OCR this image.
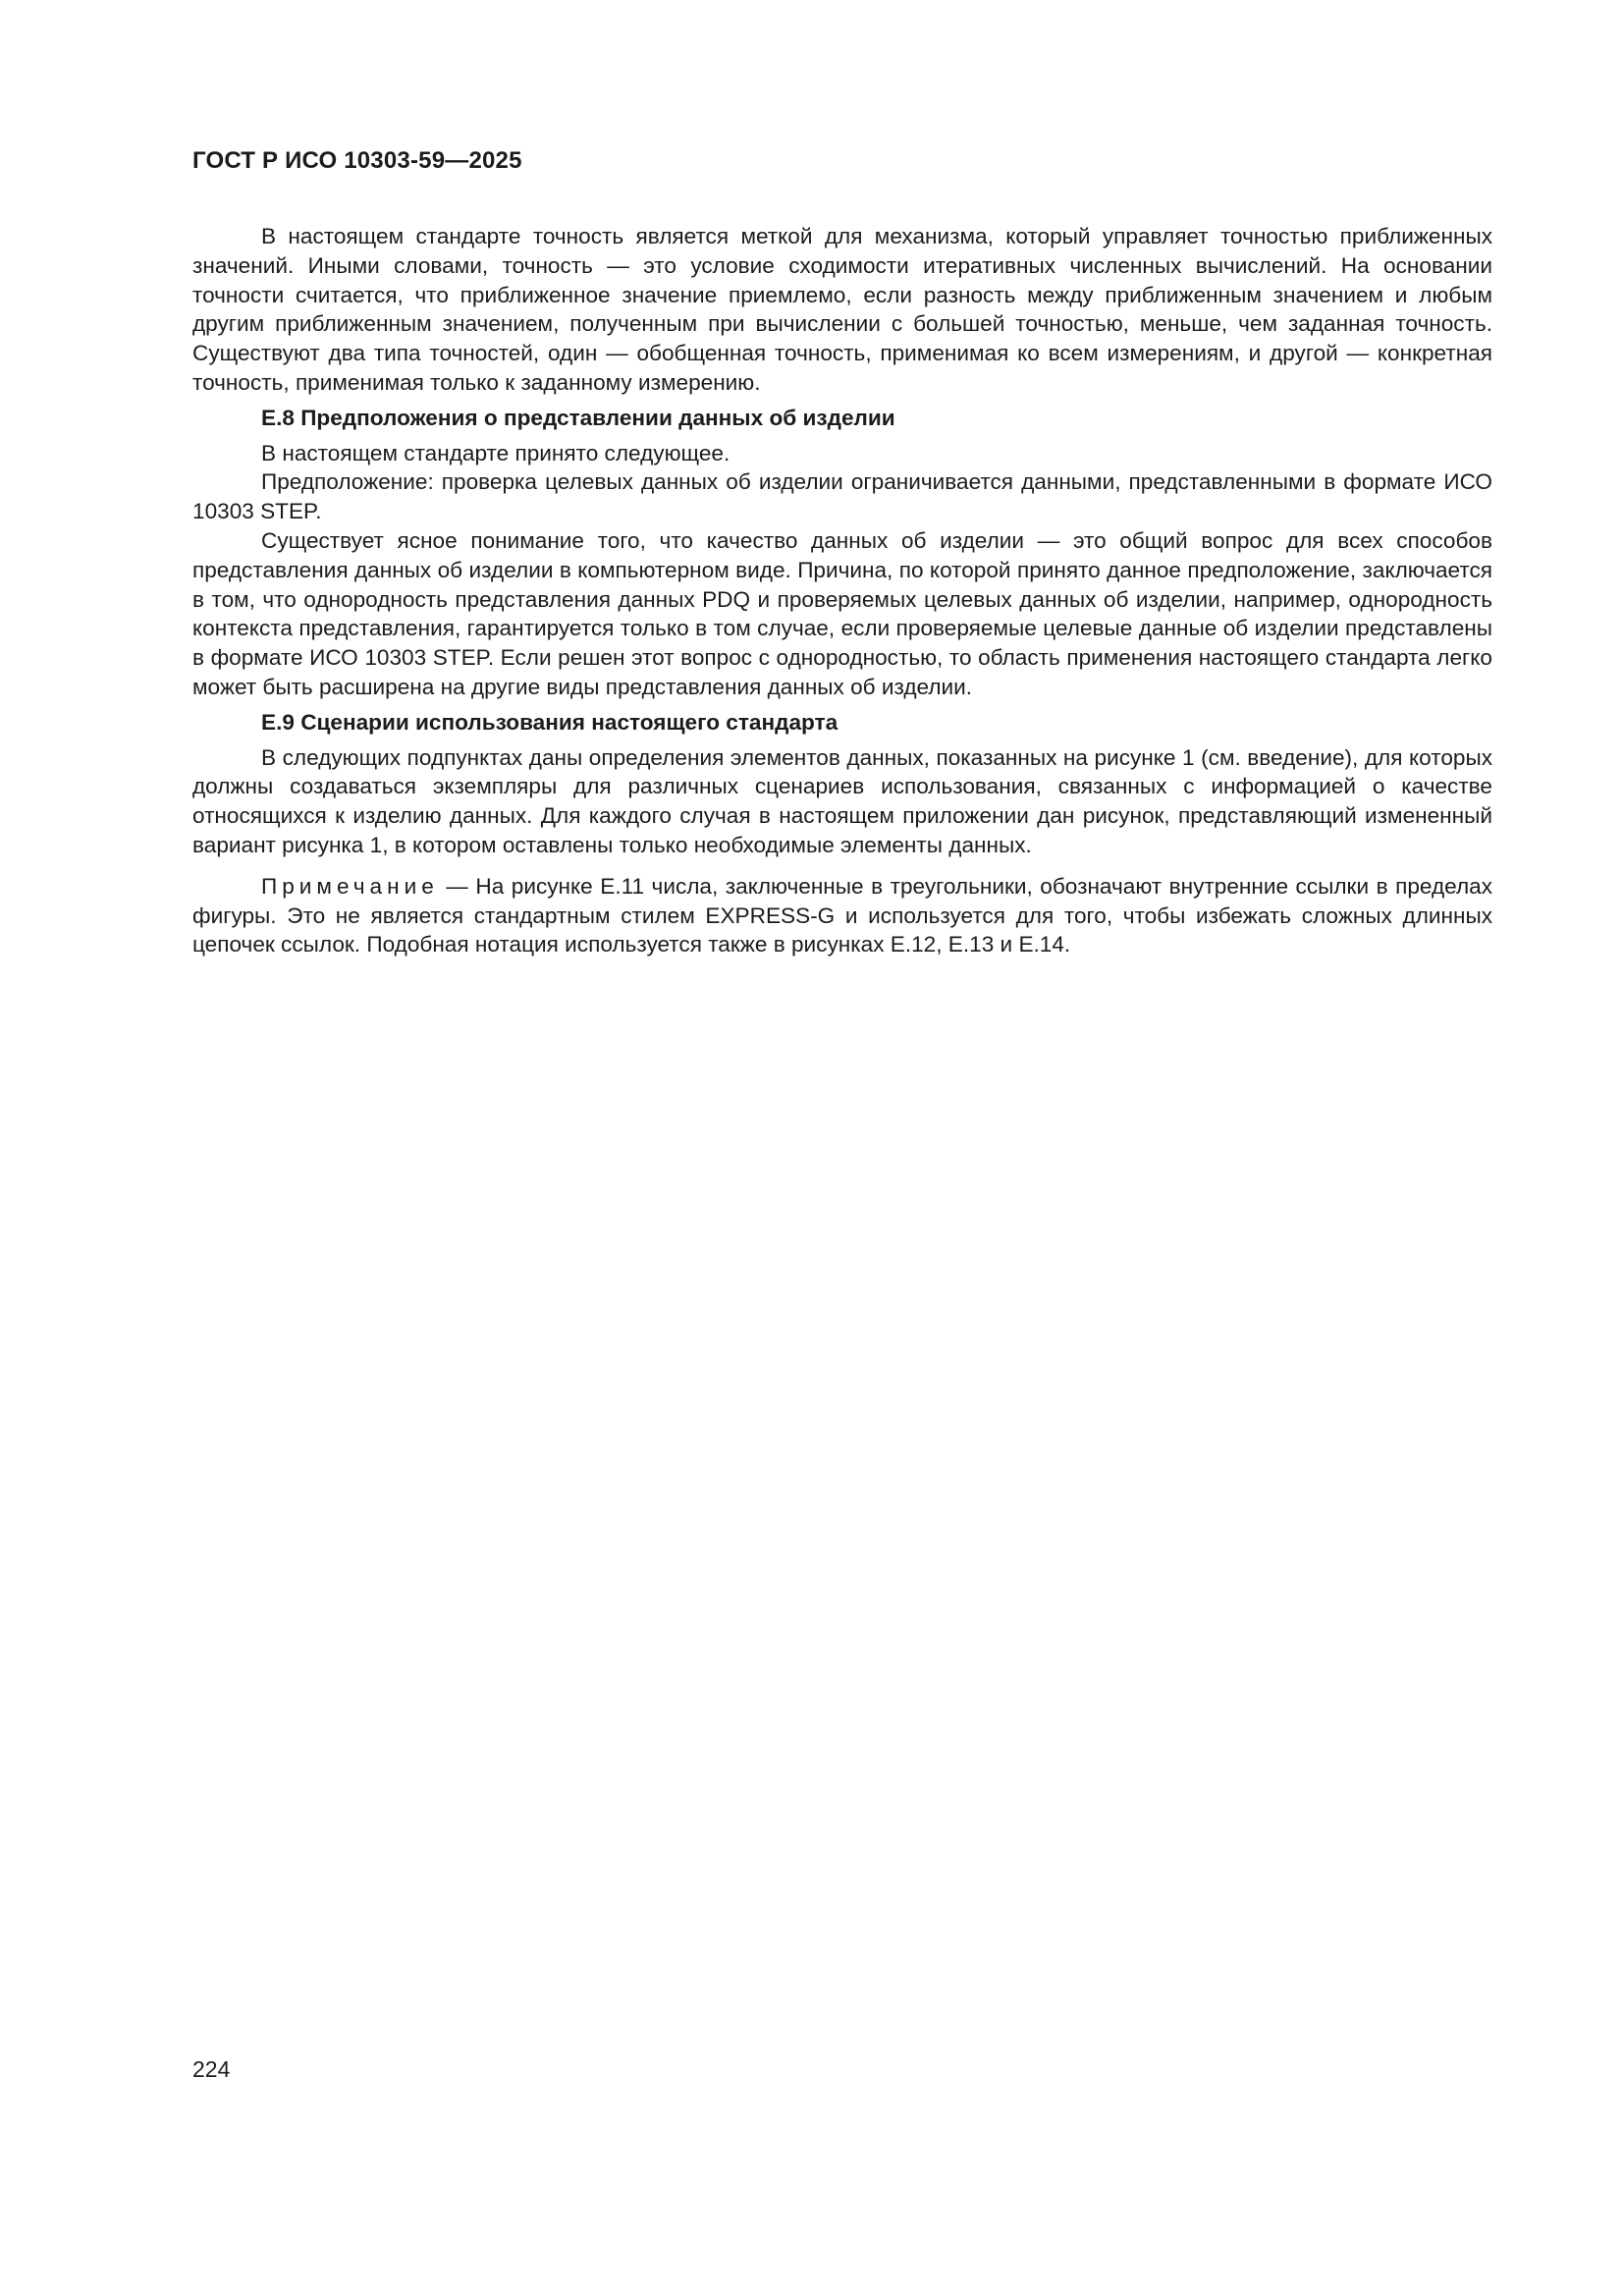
ГОСТ Р ИСО 10303-59—2025

В настоящем стандарте точность является меткой для механизма, который управляет точностью приближенных значений. Иными словами, точность — это условие сходимости итеративных численных вычислений. На основании точности считается, что приближенное значение приемлемо, если разность между приближенным значением и любым другим приближенным значением, полученным при вычислении с большей точностью, меньше, чем заданная точность. Существуют два типа точностей, один — обобщенная точность, применимая ко всем измерениям, и другой — конкретная точность, применимая только к заданному измерению.

Е.8 Предположения о представлении данных об изделии

В настоящем стандарте принято следующее.

Предположение: проверка целевых данных об изделии ограничивается данными, представленными в формате ИСО 10303 STEP.

Существует ясное понимание того, что качество данных об изделии — это общий вопрос для всех способов представления данных об изделии в компьютерном виде. Причина, по которой принято данное предположение, заключается в том, что однородность представления данных PDQ и проверяемых целевых данных об изделии, например, однородность контекста представления, гарантируется только в том случае, если проверяемые целевые данные об изделии представлены в формате ИСО 10303 STEP. Если решен этот вопрос с однородностью, то область применения настоящего стандарта легко может быть расширена на другие виды представления данных об изделии.

Е.9 Сценарии использования настоящего стандарта

В следующих подпунктах даны определения элементов данных, показанных на рисунке 1 (см. введение), для которых должны создаваться экземпляры для различных сценариев использования, связанных с информацией о качестве относящихся к изделию данных. Для каждого случая в настоящем приложении дан рисунок, представляющий измененный вариант рисунка 1, в котором оставлены только необходимые элементы данных.

Примечание — На рисунке Е.11 числа, заключенные в треугольники, обозначают внутренние ссылки в пределах фигуры. Это не является стандартным стилем EXPRESS-G и используется для того, чтобы избежать сложных длинных цепочек ссылок. Подобная нотация используется также в рисунках Е.12, Е.13 и Е.14.

224
